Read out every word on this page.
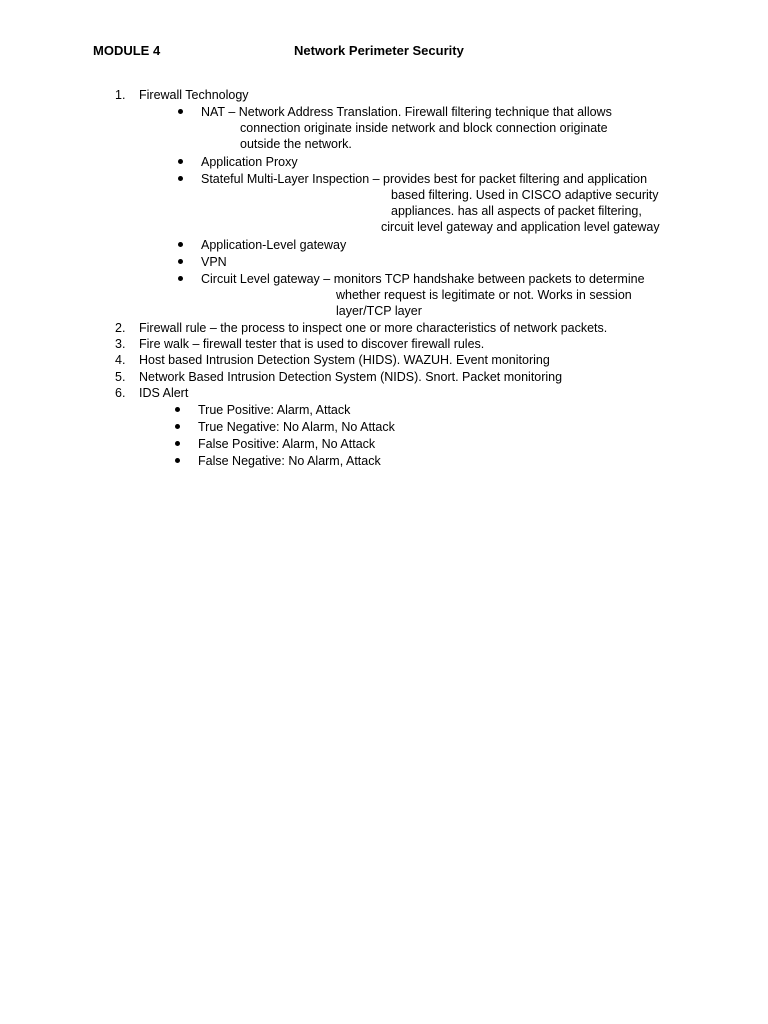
MODULE 4	Network Perimeter Security
1. Firewall Technology
NAT – Network Address Translation. Firewall filtering technique that allows
connection originate inside network and block connection originate
outside the network.
Application Proxy
Stateful Multi-Layer Inspection – provides best for packet filtering and application
based filtering. Used in CISCO adaptive security
appliances. has all aspects of packet filtering,
circuit level gateway and application level gateway
Application-Level gateway
VPN
Circuit Level gateway – monitors TCP handshake between packets to determine
whether request is legitimate or not. Works in session
layer/TCP layer
2. Firewall rule – the process to inspect one or more characteristics of network packets.
3. Fire walk – firewall tester that is used to discover firewall rules.
4. Host based Intrusion Detection System (HIDS). WAZUH. Event monitoring
5. Network Based Intrusion Detection System (NIDS). Snort. Packet monitoring
6. IDS Alert
True Positive: Alarm, Attack
True Negative: No Alarm, No Attack
False Positive: Alarm, No Attack
False Negative: No Alarm, Attack
